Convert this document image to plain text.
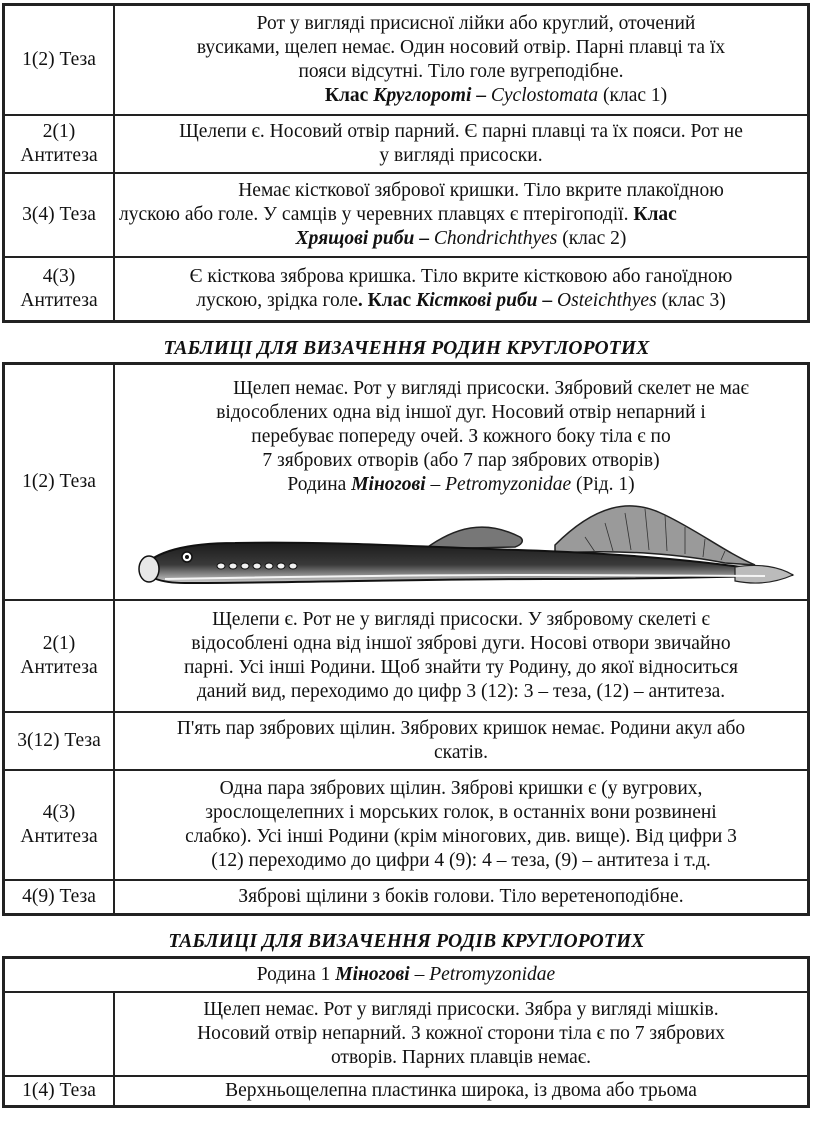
1(2) Теза	Рот у вигляді присисної лійки або круглий, оточений
вусиками, щелеп немає. Один носовий отвір. Парні плавці та їх
пояси відсутні. Тіло голе вугреподібне.
Клас Круглороті – Cyclostomata (клас 1)

2(1)
Антитеза	Щелепи є. Носовий отвір парний. Є парні плавці та їх пояси. Рот не
у вигляді присоски.

3(4) Теза	Немає кісткової зябрової кришки. Тіло вкрите плакоїдною
лускою або голе. У самців у черевних плавцях є птерігоподії. Клас
Хрящові риби – Chondrichthyes (клас 2)

4(3)
Антитеза	Є кісткова зяброва кришка. Тіло вкрите кістковою або ганоїдною
лускою, зрідка голе. Клас Кісткові риби – Osteichthyes (клас 3)
ТАБЛИЦІ ДЛЯ ВИЗАЧЕННЯ РОДИН КРУГЛОРОТИХ
1(2) Теза	Щелеп немає. Рот у вигляді присоски. Зябровий скелет не має
відособлених одна від іншої дуг. Носовий отвір непарний і
перебуває попереду очей. З кожного боку тіла є по
7 зябрових отворів (або 7 пар зябрових отворів)
Родина Міногові – Petromyzonidae (Рід. 1)

2(1)
Антитеза	Щелепи є. Рот не у вигляді присоски. У зябровому скелеті є
відособлені одна від іншої зяброві дуги. Носові отвори звичайно
парні. Усі інші Родини. Щоб знайти ту Родину, до якої відноситься
даний вид, переходимо до цифр 3 (12): 3 – теза, (12) – антитеза.

3(12) Теза	П'ять пар зябрових щілин. Зябрових кришок немає. Родини акул або
скатів.

4(3)
Антитеза	Одна пара зябрових щілин. Зяброві кришки є (у вугрових,
зрослощелепних і морських голок, в останніх вони розвинені
слабко). Усі інші Родини (крім міногових, див. вище). Від цифри 3
(12) переходимо до цифри 4 (9): 4 – теза, (9) – антитеза і т.д.

4(9) Теза	Зяброві щілини з боків голови. Тіло веретеноподібне.
ТАБЛИЦІ ДЛЯ ВИЗАЧЕННЯ РОДІВ КРУГЛОРОТИХ
Родина 1 Міногові – Petromyzonidae	

	Щелеп немає. Рот у вигляді присоски. Зябра у вигляді мішків.
Носовий отвір непарний. З кожної сторони тіла є по 7 зябрових
отворів. Парних плавців немає.

1(4) Теза	Верхньощелепна пластинка широка, із двома або трьома
